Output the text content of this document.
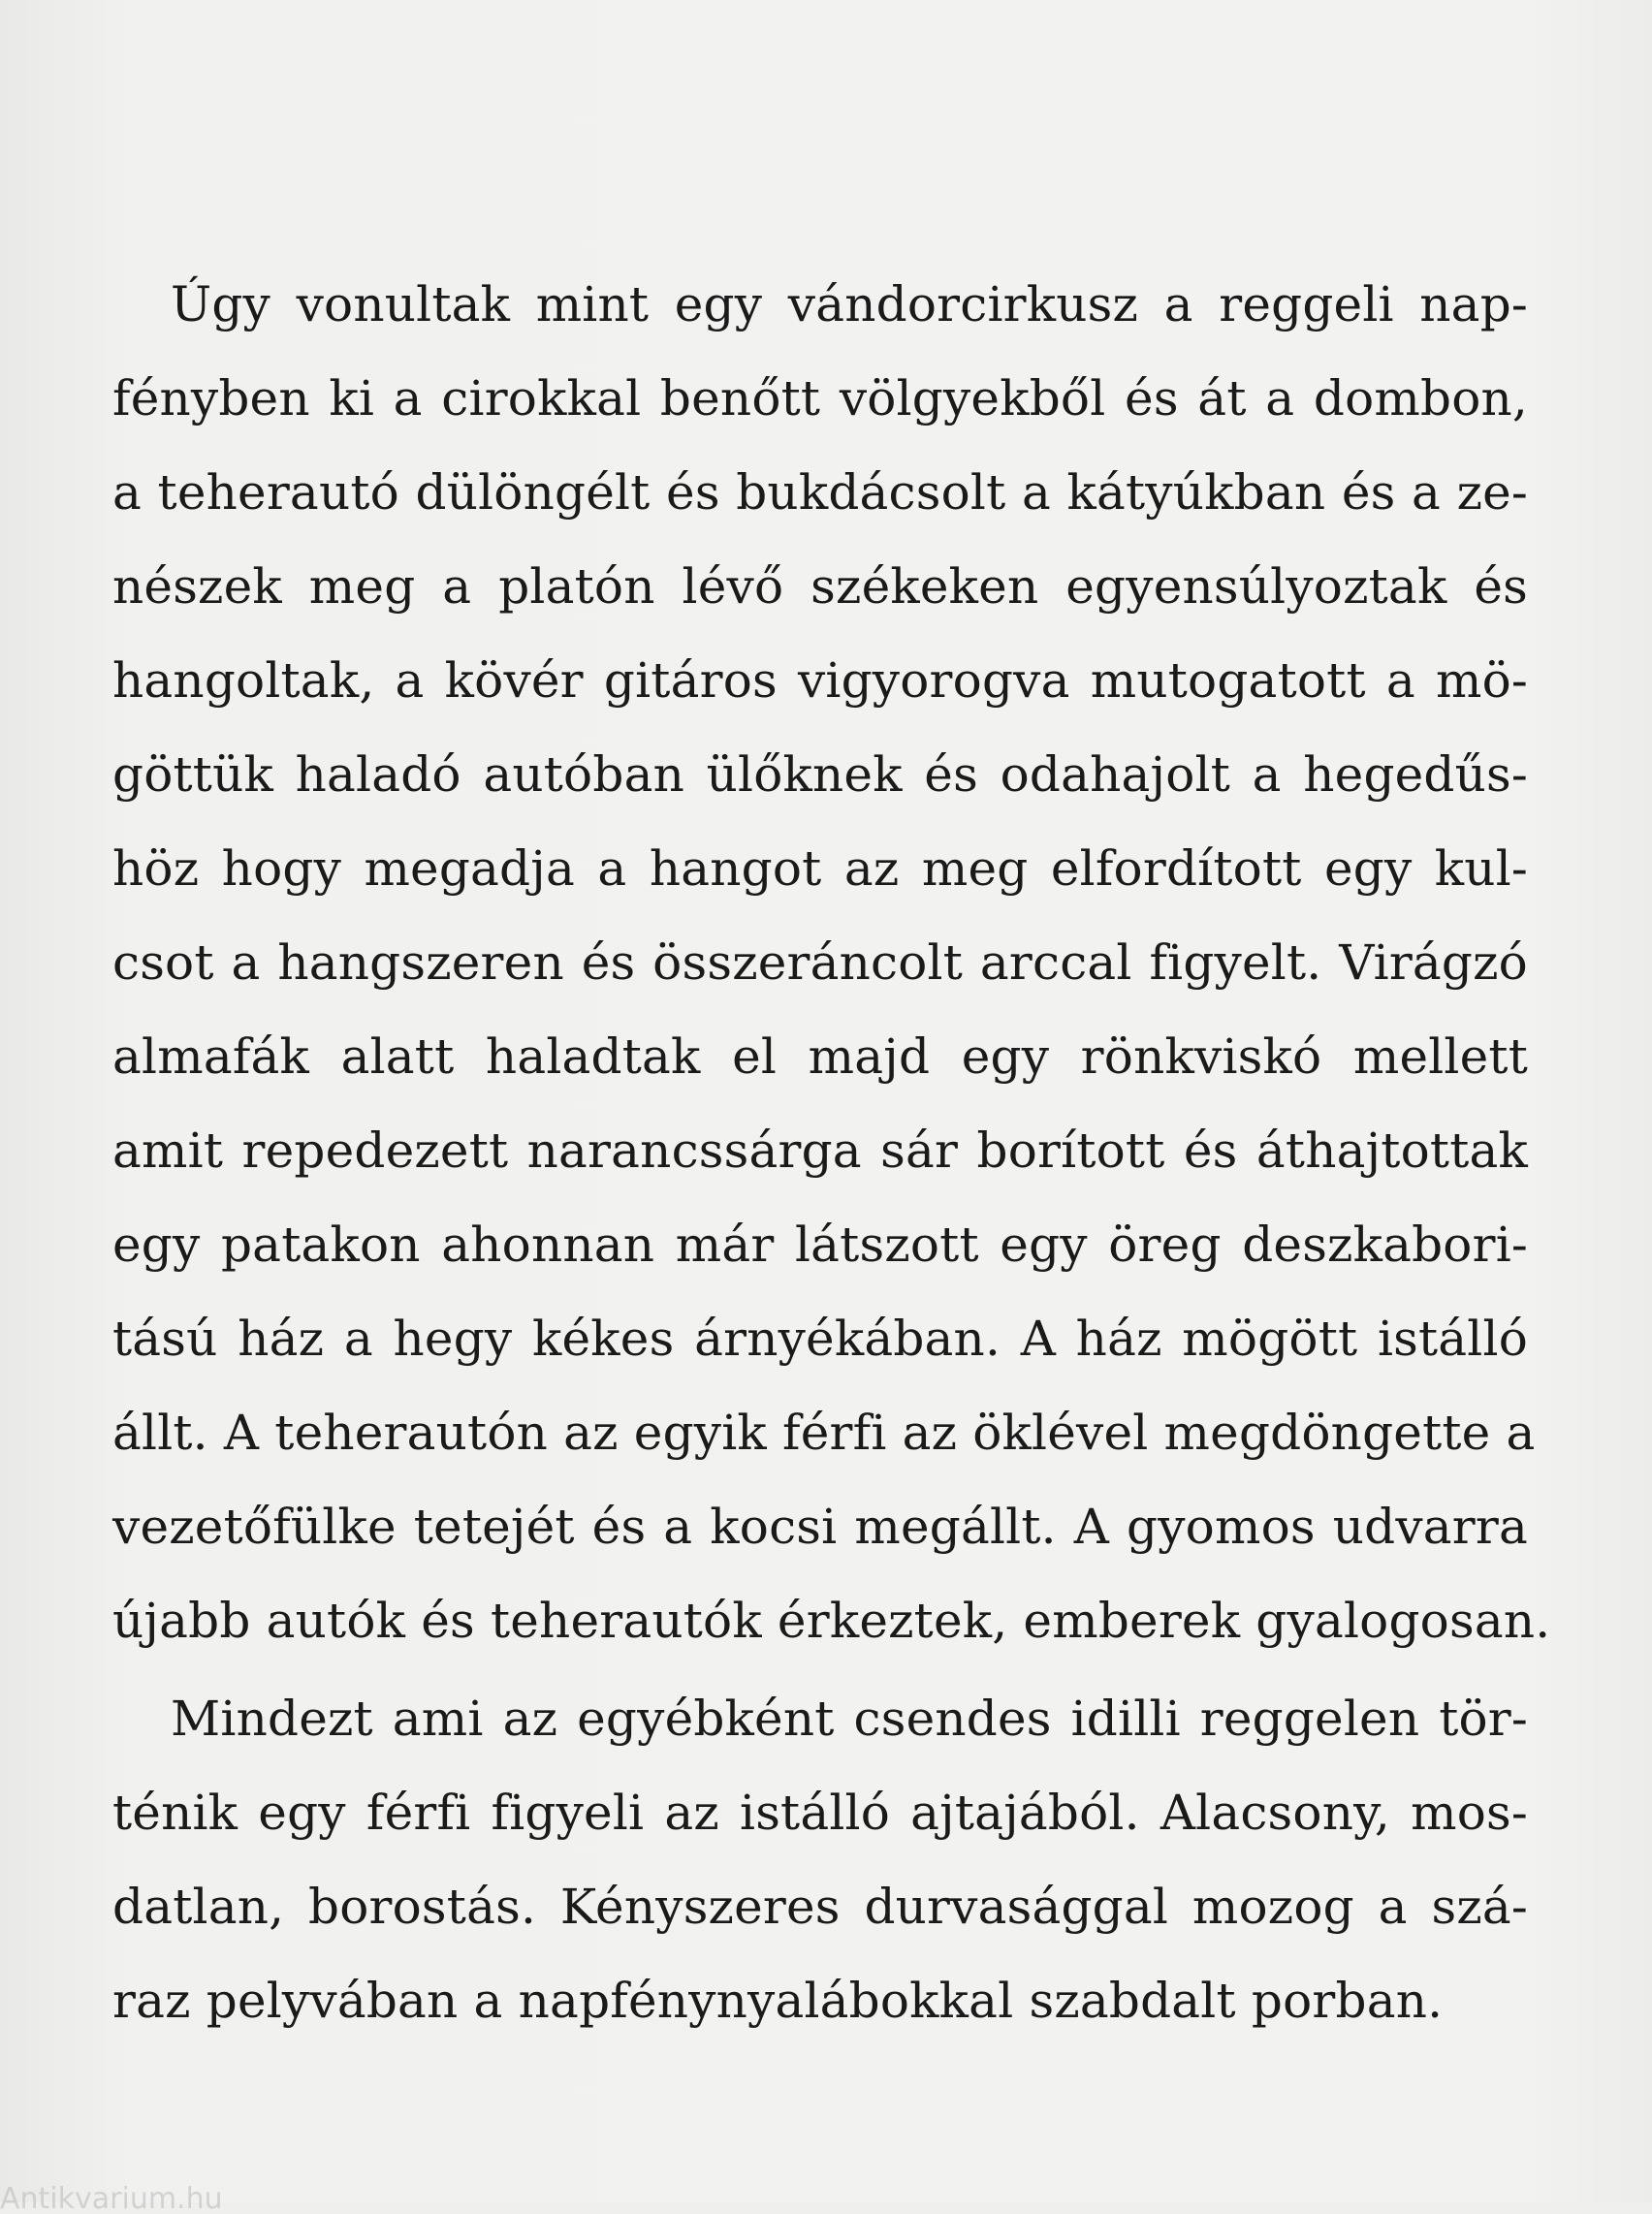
Úgy vonultak mint egy vándorcirkusz a reggeli nap-
fényben ki a cirokkal benőtt völgyekből és át a dombon,
a teherautó dülöngélt és bukdácsolt a kátyúkban és a ze-
nészek meg a platón lévő székeken egyensúlyoztak és
hangoltak, a kövér gitáros vigyorogva mutogatott a mö-
göttük haladó autóban ülőknek és odahajolt a hegedűs-
höz hogy megadja a hangot az meg elfordított egy kul-
csot a hangszeren és összeráncolt arccal figyelt. Virágzó
almafák alatt haladtak el majd egy rönkviskó mellett
amit repedezett narancssárga sár borított és áthajtottak
egy patakon ahonnan már látszott egy öreg deszkabori-
tású ház a hegy kékes árnyékában. A ház mögött istálló
állt. A teherautón az egyik férfi az öklével megdöngette a
vezetőfülke tetejét és a kocsi megállt. A gyomos udvarra
újabb autók és teherautók érkeztek, emberek gyalogosan.

Mindezt ami az egyébként csendes idilli reggelen tör-
ténik egy férfi figyeli az istálló ajtajából. Alacsony, mos-
datlan, borostás. Kényszeres durvasággal mozog a szá-
raz pelyvában a napfénynyalábokkal szabdalt porban.

Antikvarium.hu
